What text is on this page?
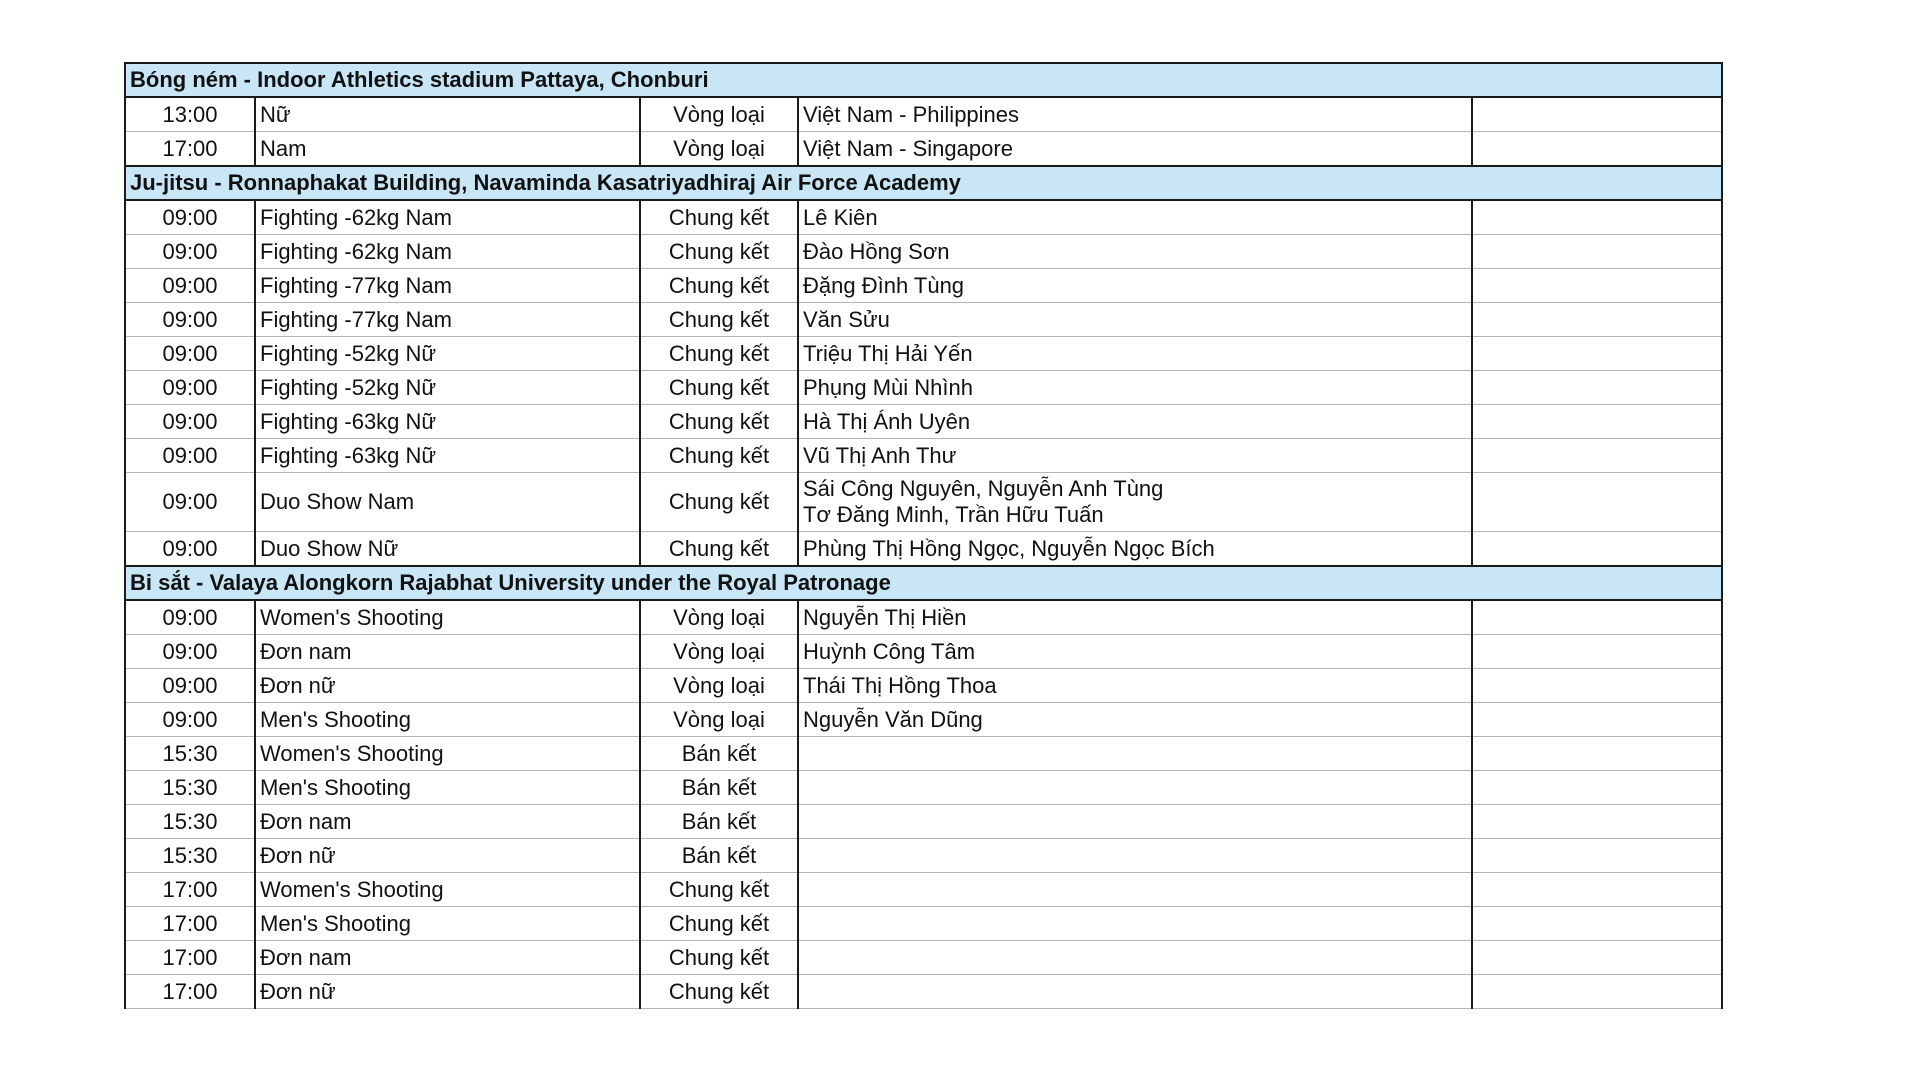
Bóng ném - Indoor Athletics stadium Pattaya, Chonburi				
13:00	Nữ	Vòng loại	Việt Nam - Philippines	

17:00	Nam	Vòng loại	Việt Nam - Singapore	

Ju-jitsu - Ronnaphakat Building, Navaminda Kasatriyadhiraj Air Force Academy				
09:00	Fighting -62kg Nam	Chung kết	Lê Kiên	

09:00	Fighting -62kg Nam	Chung kết	Đào Hồng Sơn	

09:00	Fighting -77kg Nam	Chung kết	Đặng Đình Tùng	

09:00	Fighting -77kg Nam	Chung kết	Văn Sửu	

09:00	Fighting -52kg Nữ	Chung kết	Triệu Thị Hải Yến	

09:00	Fighting -52kg Nữ	Chung kết	Phụng Mùi Nhình	

09:00	Fighting -63kg Nữ	Chung kết	Hà Thị Ánh Uyên	

09:00	Fighting -63kg Nữ	Chung kết	Vũ Thị Anh Thư	

09:00	Duo Show Nam	Chung kết	Sái Công Nguyên, Nguyễn Anh Tùng
Tơ Đăng Minh, Trần Hữu Tuấn	

09:00	Duo Show Nữ	Chung kết	Phùng Thị Hồng Ngọc, Nguyễn Ngọc Bích	

Bi sắt - Valaya Alongkorn Rajabhat University under the Royal Patronage				
09:00	Women's Shooting	Vòng loại	Nguyễn Thị Hiền	

09:00	Đơn nam	Vòng loại	Huỳnh Công Tâm	

09:00	Đơn nữ	Vòng loại	Thái Thị Hồng Thoa	

09:00	Men's Shooting	Vòng loại	Nguyễn Văn Dũng	

15:30	Women's Shooting	Bán kết		
15:30	Men's Shooting	Bán kết		
15:30	Đơn nam	Bán kết		
15:30	Đơn nữ	Bán kết		
17:00	Women's Shooting	Chung kết		
17:00	Men's Shooting	Chung kết		
17:00	Đơn nam	Chung kết		
17:00	Đơn nữ	Chung kết		
